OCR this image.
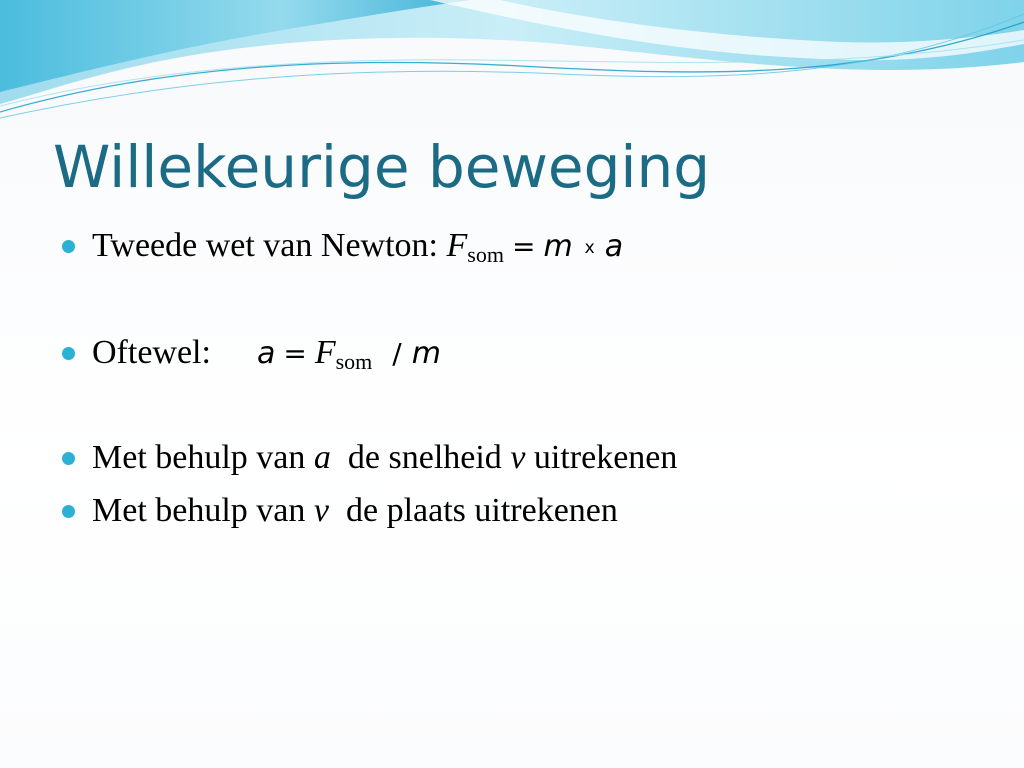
Willekeurige beweging
Tweede wet van Newton: F som = m x a
Oftewel: a = F som / m
Met behulp van a de snelheid v uitrekenen
Met behulp van v de plaats uitrekenen
